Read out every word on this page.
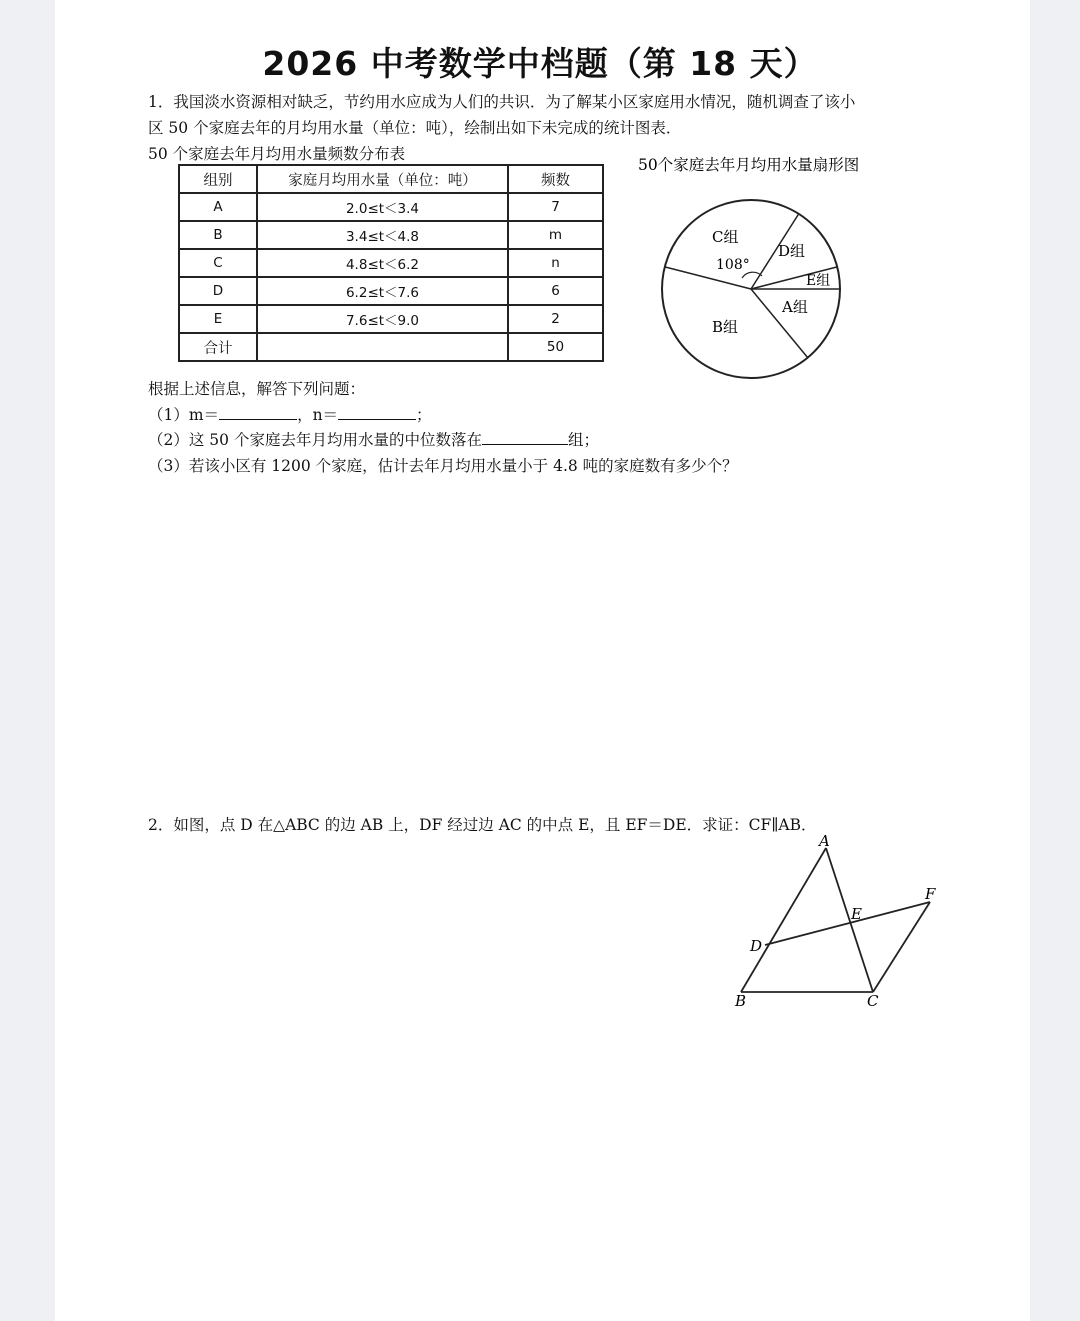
2026 中考数学中档题（第 18 天）
1．我国淡水资源相对缺乏，节约用水应成为人们的共识．为了解某小区家庭用水情况，随机调查了该小
区 50 个家庭去年的月均用水量（单位：吨），绘制出如下未完成的统计图表．
50 个家庭去年月均用水量频数分布表
组别	家庭月均用水量（单位：吨）	频数
A	2.0≤t＜3.4	7
B	3.4≤t＜4.8	m
C	4.8≤t＜6.2	n
D	6.2≤t＜7.6	6
E	7.6≤t＜9.0	2
合计		50
50个家庭去年月均用水量扇形图
C组
108°
D组
E组
A组
B组
根据上述信息，解答下列问题：
（1）m＝	，n＝	；
（2）这 50 个家庭去年月均用水量的中位数落在	组；
（3）若该小区有 1200 个家庭，估计去年月均用水量小于 4.8 吨的家庭数有多少个？
2．如图，点 D 在△ABC 的边 AB 上，DF 经过边 AC 的中点 E，且 EF＝DE．求证：CF∥AB．
A
B	C
D
E
F
